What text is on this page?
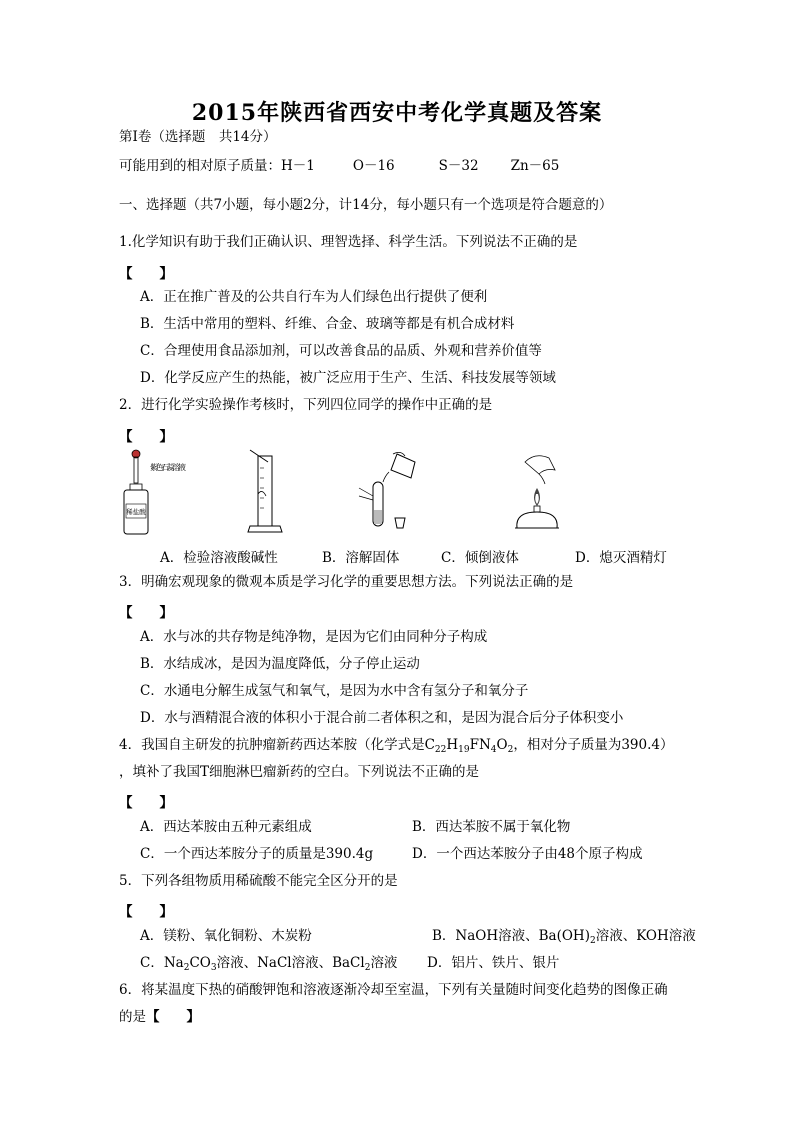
2015年陕西省西安中考化学真题及答案
第Ⅰ卷（选择题　共14分）
可能用到的相对原子质量：H－1	O－16	S－32 Zn－65
一、选择题（共7小题，每小题2分，计14分，每小题只有一个选项是符合题意的）
1.化学知识有助于我们正确认识、理智选择、科学生活。下列说法不正确的是
【　　】
A．正在推广普及的公共自行车为人们绿色出行提供了便利
B．生活中常用的塑料、纤维、合金、玻璃等都是有机合成材料
C．合理使用食品添加剂，可以改善食品的品质、外观和营养价值等
D．化学反应产生的热能，被广泛应用于生产、生活、科技发展等领域
2．进行化学实验操作考核时，下列四位同学的操作中正确的是
【　　】
稀盐酸
紫色石蕊溶液
A．检验溶液酸碱性	B．溶解固体	C．倾倒液体	D．熄灭酒精灯
3．明确宏观现象的微观本质是学习化学的重要思想方法。下列说法正确的是
【　　】
A．水与冰的共存物是纯净物，是因为它们由同种分子构成
B．水结成冰，是因为温度降低，分子停止运动
C．水通电分解生成氢气和氧气，是因为水中含有氢分子和氧分子
D．水与酒精混合液的体积小于混合前二者体积之和，是因为混合后分子体积变小
4．我国自主研发的抗肿瘤新药西达苯胺（化学式是$C_{22}H_{19}FN_4O_2$，相对分子质量为390.4）
，填补了我国T细胞淋巴瘤新药的空白。下列说法不正确的是
【　　】
A．西达苯胺由五种元素组成	B．西达苯胺不属于氧化物
C．一个西达苯胺分子的质量是390.4g	D．一个西达苯胺分子由48个原子构成
5．下列各组物质用稀硫酸不能完全区分开的是
【　　】
A．镁粉、氧化铜粉、木炭粉	B．NaOH溶液、$Ba(OH)_2$溶液、KOH溶液
C．$Na_2CO_3$溶液、NaCl溶液、BaCl$_2$溶液 D．铝片、铁片、银片
6．将某温度下热的硝酸钾饱和溶液逐渐冷却至室温，下列有关量随时间变化趋势的图像正确
的是【　　】
